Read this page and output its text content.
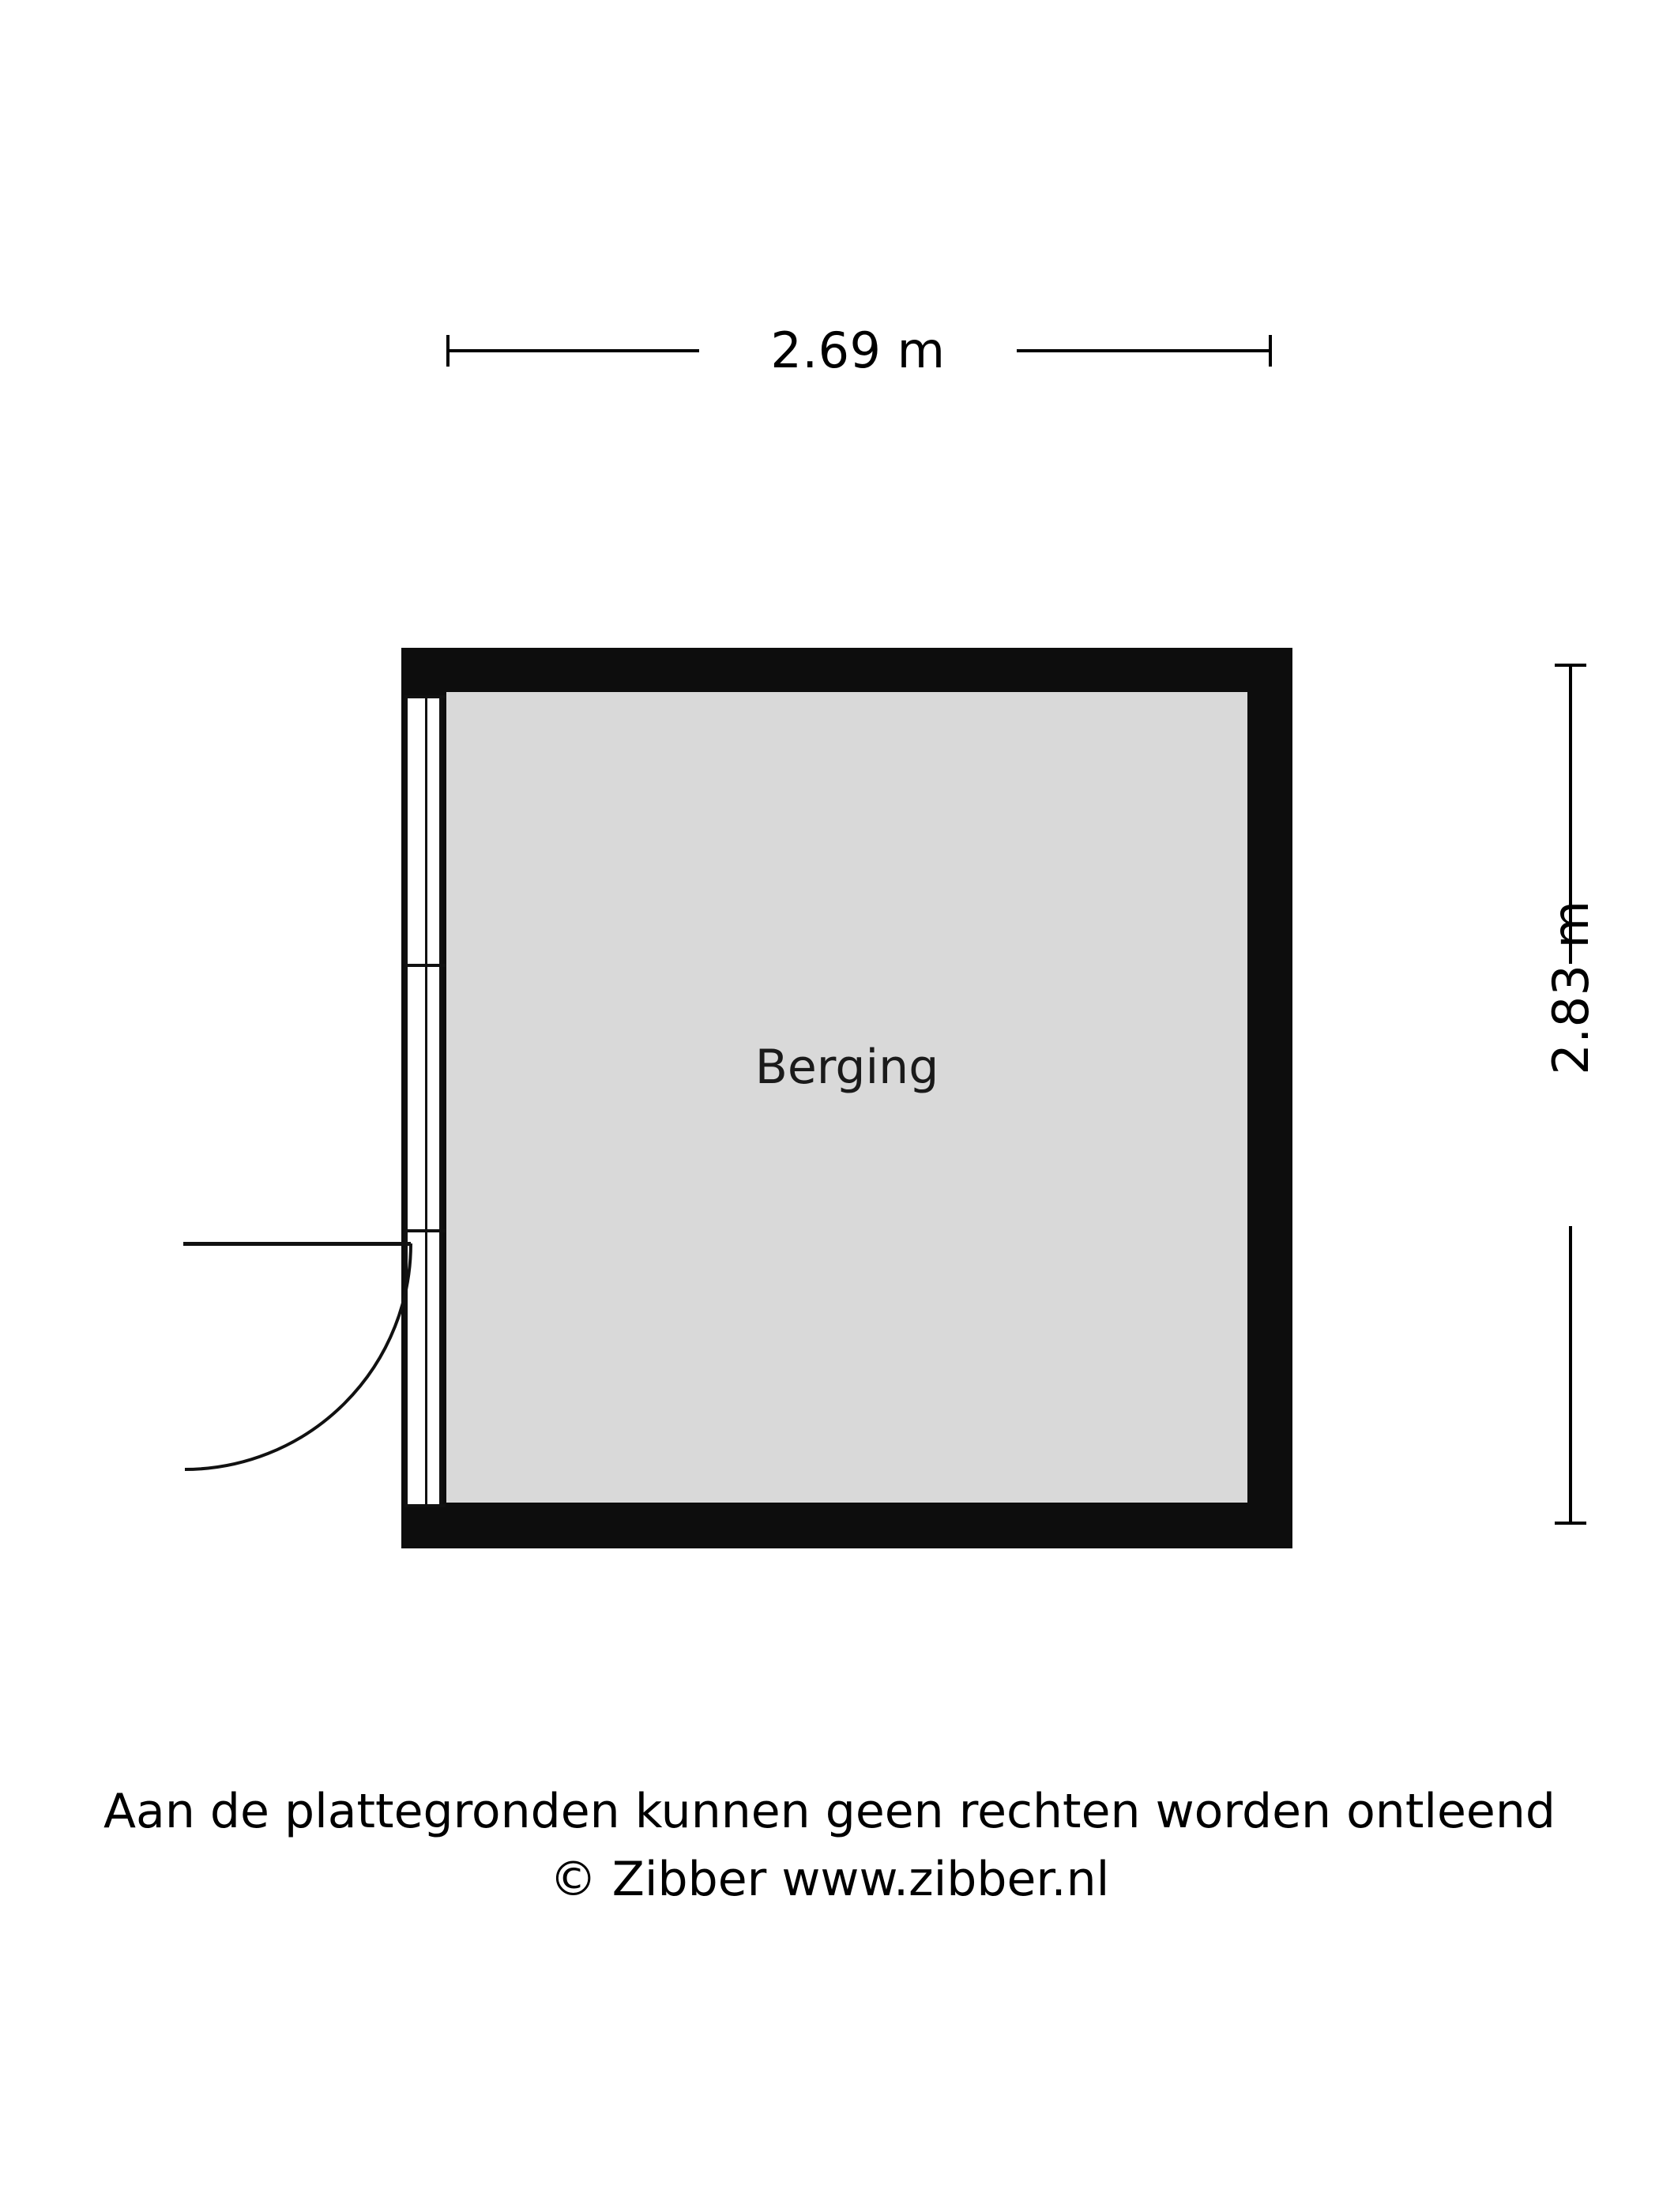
2.69 m
2.83 m
Berging
Aan de plattegronden kunnen geen rechten worden ontleend
© Zibber www.zibber.nl
